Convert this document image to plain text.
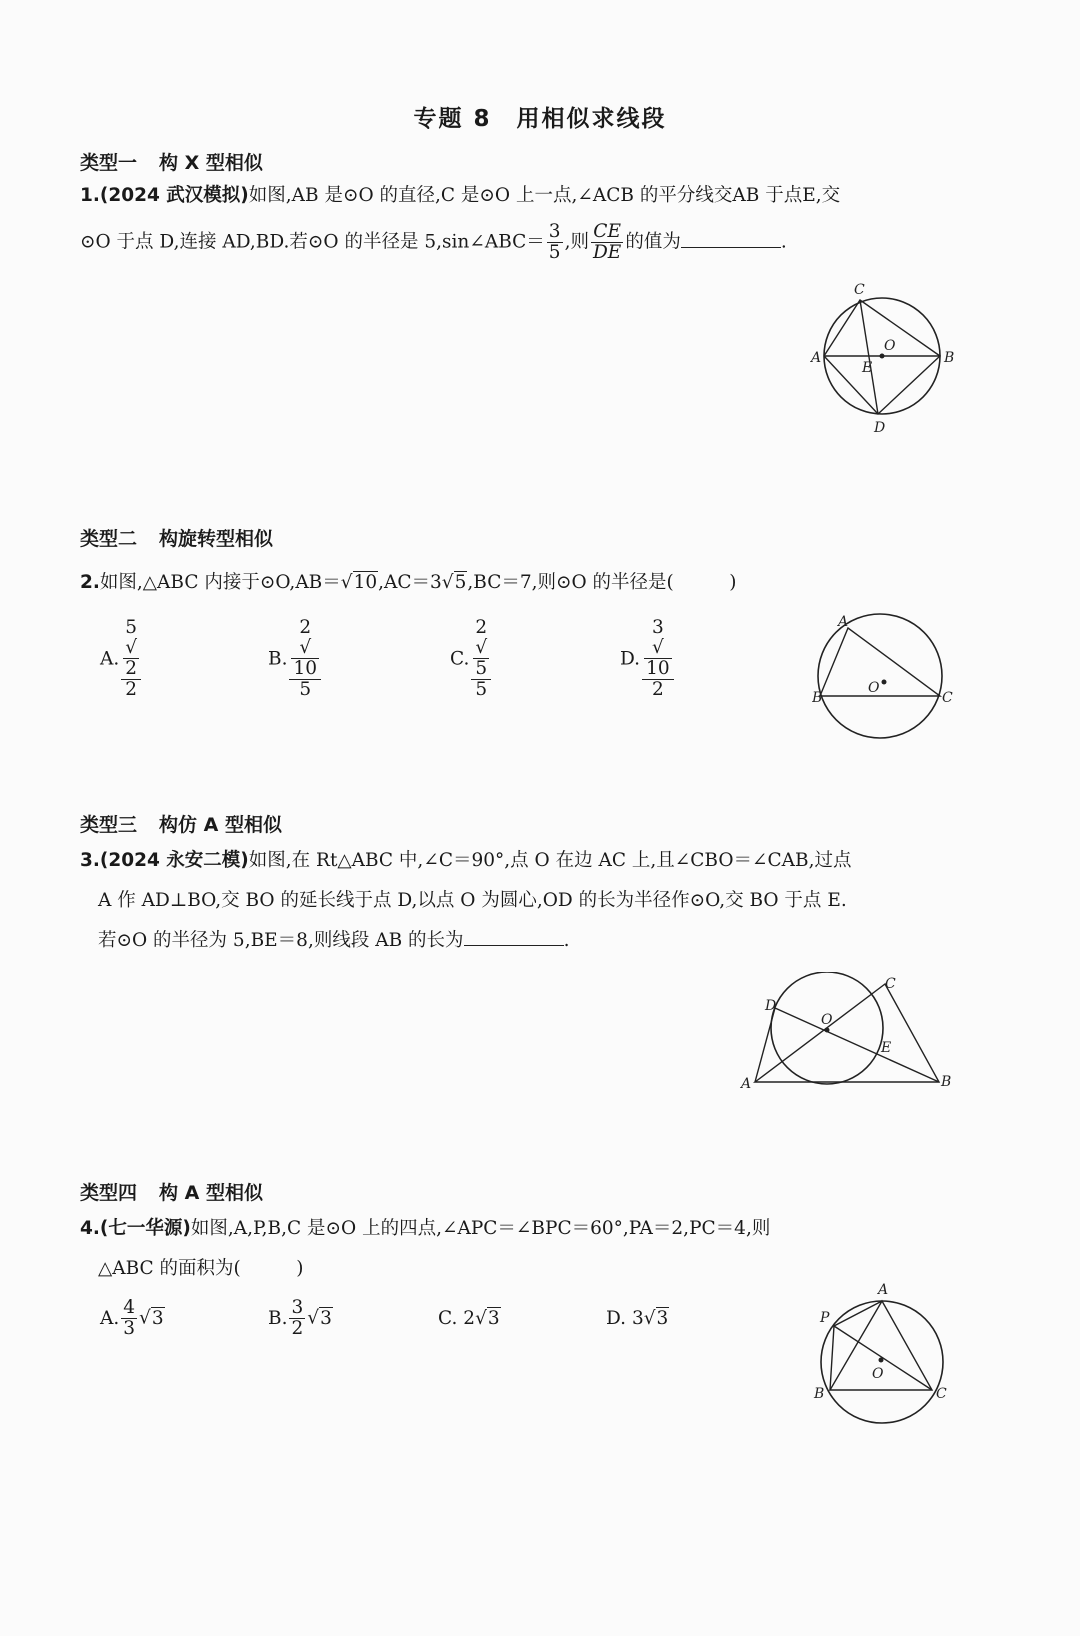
专题 8　用相似求线段
类型一 构 X 型相似
1.(2024 武汉模拟)如图,AB 是⊙O 的直径,C 是⊙O 上一点,∠ACB 的平分线交AB 于点E,交
⊙O 于点 D,连接 AD,BD.若⊙O 的半径是 5,sin∠ABC＝ $\frac{3}{5}$ ,则 $\frac{CE}{DE}$ 的值为	.
C
O
A	B
E
D
类型二 构旋转型相似
2.如图,△ABC 内接于⊙O,AB＝√10,AC＝3√5,BC＝7,则⊙O 的半径是(　　　)
A. 5
√
2
2	B. 2
√
10
5	C. 2
√
5
5	D. 3
√
10
2	A
B	C
O
类型三 构仿 A 型相似
3.(2024 永安二模)如图,在 Rt△ABC 中,∠C＝90°,点 O 在边 AC 上,且∠CBO＝∠CAB,过点
A 作 AD⊥BO,交 BO 的延长线于点 D,以点 O 为圆心,OD 的长为半径作⊙O,交 BO 于点 E.
若⊙O 的半径为 5,BE＝8,则线段 AB 的长为	.
C
D
O
E
A	B
类型四 构 A 型相似
4.(七一华源)如图,A,P,B,C 是⊙O 上的四点,∠APC＝∠BPC＝60°,PA＝2,PC＝4,则
△ABC 的面积为(　　　)
A. $\frac{4}{3} √3$	B. $\frac{3}{2} √3$	C. 2√3	D. 3√3
A
P
B	C
O
